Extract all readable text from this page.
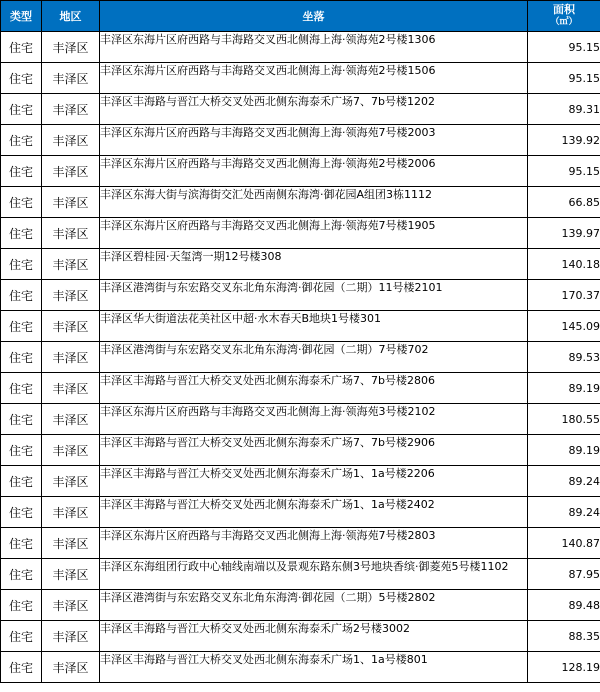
类型	地区	坐落	面积
（㎡）

住宅	丰泽区	丰泽区东海片区府西路与丰海路交叉西北侧海上海·领海苑2号楼1306	95.15
住宅	丰泽区	丰泽区东海片区府西路与丰海路交叉西北侧海上海·领海苑2号楼1506	95.15
住宅	丰泽区	丰泽区丰海路与晋江大桥交叉处西北侧东海泰禾广场7、7b号楼1202	89.31
住宅	丰泽区	丰泽区东海片区府西路与丰海路交叉西北侧海上海·领海苑7号楼2003	139.92
住宅	丰泽区	丰泽区东海片区府西路与丰海路交叉西北侧海上海·领海苑2号楼2006	95.15
住宅	丰泽区	丰泽区东海大街与滨海街交汇处西南侧东海湾·御花园A组团3栋1112	66.85
住宅	丰泽区	丰泽区东海片区府西路与丰海路交叉西北侧海上海·领海苑7号楼1905	139.97
住宅	丰泽区	丰泽区碧桂园·天玺湾一期12号楼308	140.18
住宅	丰泽区	丰泽区港湾街与东宏路交叉东北角东海湾·御花园（二期）11号楼2101	170.37
住宅	丰泽区	丰泽区华大街道法花美社区中超·水木春天B地块1号楼301	145.09
住宅	丰泽区	丰泽区港湾街与东宏路交叉东北角东海湾·御花园（二期）7号楼702	89.53
住宅	丰泽区	丰泽区丰海路与晋江大桥交叉处西北侧东海泰禾广场7、7b号楼2806	89.19
住宅	丰泽区	丰泽区东海片区府西路与丰海路交叉西北侧海上海·领海苑3号楼2102	180.55
住宅	丰泽区	丰泽区丰海路与晋江大桥交叉处西北侧东海泰禾广场7、7b号楼2906	89.19
住宅	丰泽区	丰泽区丰海路与晋江大桥交叉处西北侧东海泰禾广场1、1a号楼2206	89.24
住宅	丰泽区	丰泽区丰海路与晋江大桥交叉处西北侧东海泰禾广场1、1a号楼2402	89.24
住宅	丰泽区	丰泽区东海片区府西路与丰海路交叉西北侧海上海·领海苑7号楼2803	140.87
住宅	丰泽区	丰泽区东海组团行政中心轴线南端以及景观东路东侧3号地块香缤·御菱苑5号楼1102	87.95
住宅	丰泽区	丰泽区港湾街与东宏路交叉东北角东海湾·御花园（二期）5号楼2802	89.48
住宅	丰泽区	丰泽区丰海路与晋江大桥交叉处西北侧东海泰禾广场2号楼3002	88.35
住宅	丰泽区	丰泽区丰海路与晋江大桥交叉处西北侧东海泰禾广场1、1a号楼801	128.19
